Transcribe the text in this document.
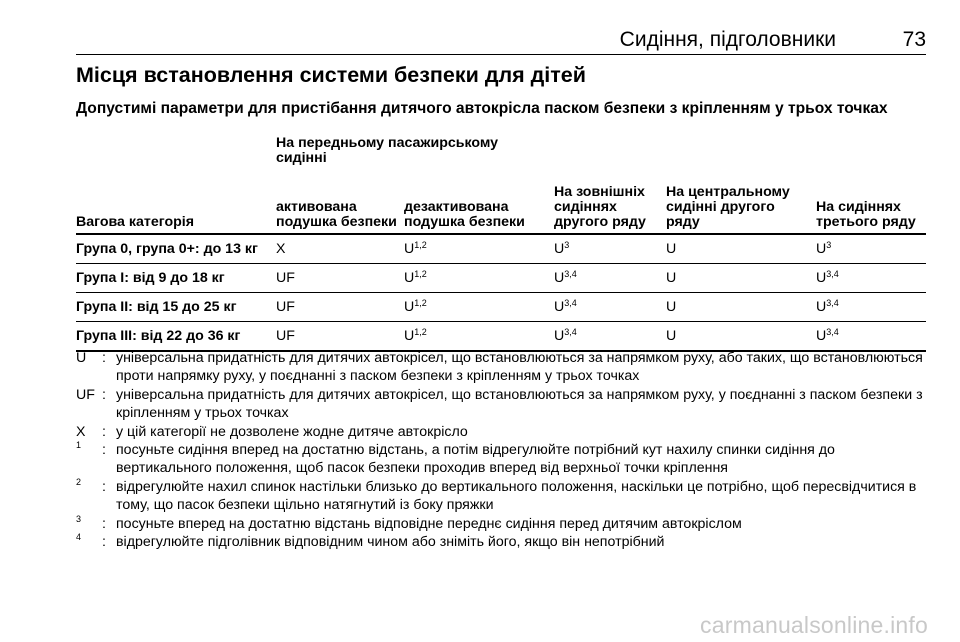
Сидіння, підголовники	73
Місця встановлення системи безпеки для дітей
Допустимі параметри для пристібання дитячого автокрісла паском безпеки з кріпленням у трьох точках
	На передньому пасажирському сидінні				
Вагова категорія	активована подушка безпеки	дезактивована подушка безпеки	На зовнішніх сидіннях другого ряду	На центральному сидінні другого ряду	На сидіннях третього ряду
Група 0, група 0+: до 13 кг	X	U$^{1,2}$	$U^3$	U	$U^3$
Група I: від 9 до 18 кг	UF	U$^{1,2}$	U$^{3,4}$	U	U$^{3,4}$
Група II: від 15 до 25 кг	UF	U$^{1,2}$	U$^{3,4}$	U	U$^{3,4}$
Група III: від 22 до 36 кг	UF	U$^{1,2}$	U$^{3,4}$	U	U$^{3,4}$
U	: універсальна придатність для дитячих автокрісел, що встановлюються за напрямком руху, або таких, що встановлюються проти напрямку руху, у поєднанні з паском безпеки з кріпленням у трьох точках
UF : універсальна придатність для дитячих автокрісел, що встановлюються за напрямком руху, у поєднанні з паском безпеки з кріпленням у трьох точках
X	: у цій категорії не дозволене жодне дитяче автокрісло
$^1$	: посуньте сидіння вперед на достатню відстань, а потім відрегулюйте потрібний кут нахилу спинки сидіння до вертикального положення, щоб пасок безпеки проходив вперед від верхньої точки кріплення
$^2$	: відрегулюйте нахил спинок настільки близько до вертикального положення, наскільки це потрібно, щоб пересвідчитися в тому, що пасок безпеки щільно натягнутий із боку пряжки
$^3$	: посуньте вперед на достатню відстань відповідне переднє сидіння перед дитячим автокріслом
$^4$	: відрегулюйте підголівник відповідним чином або зніміть його, якщо він непотрібний
carmanualsonline.info
